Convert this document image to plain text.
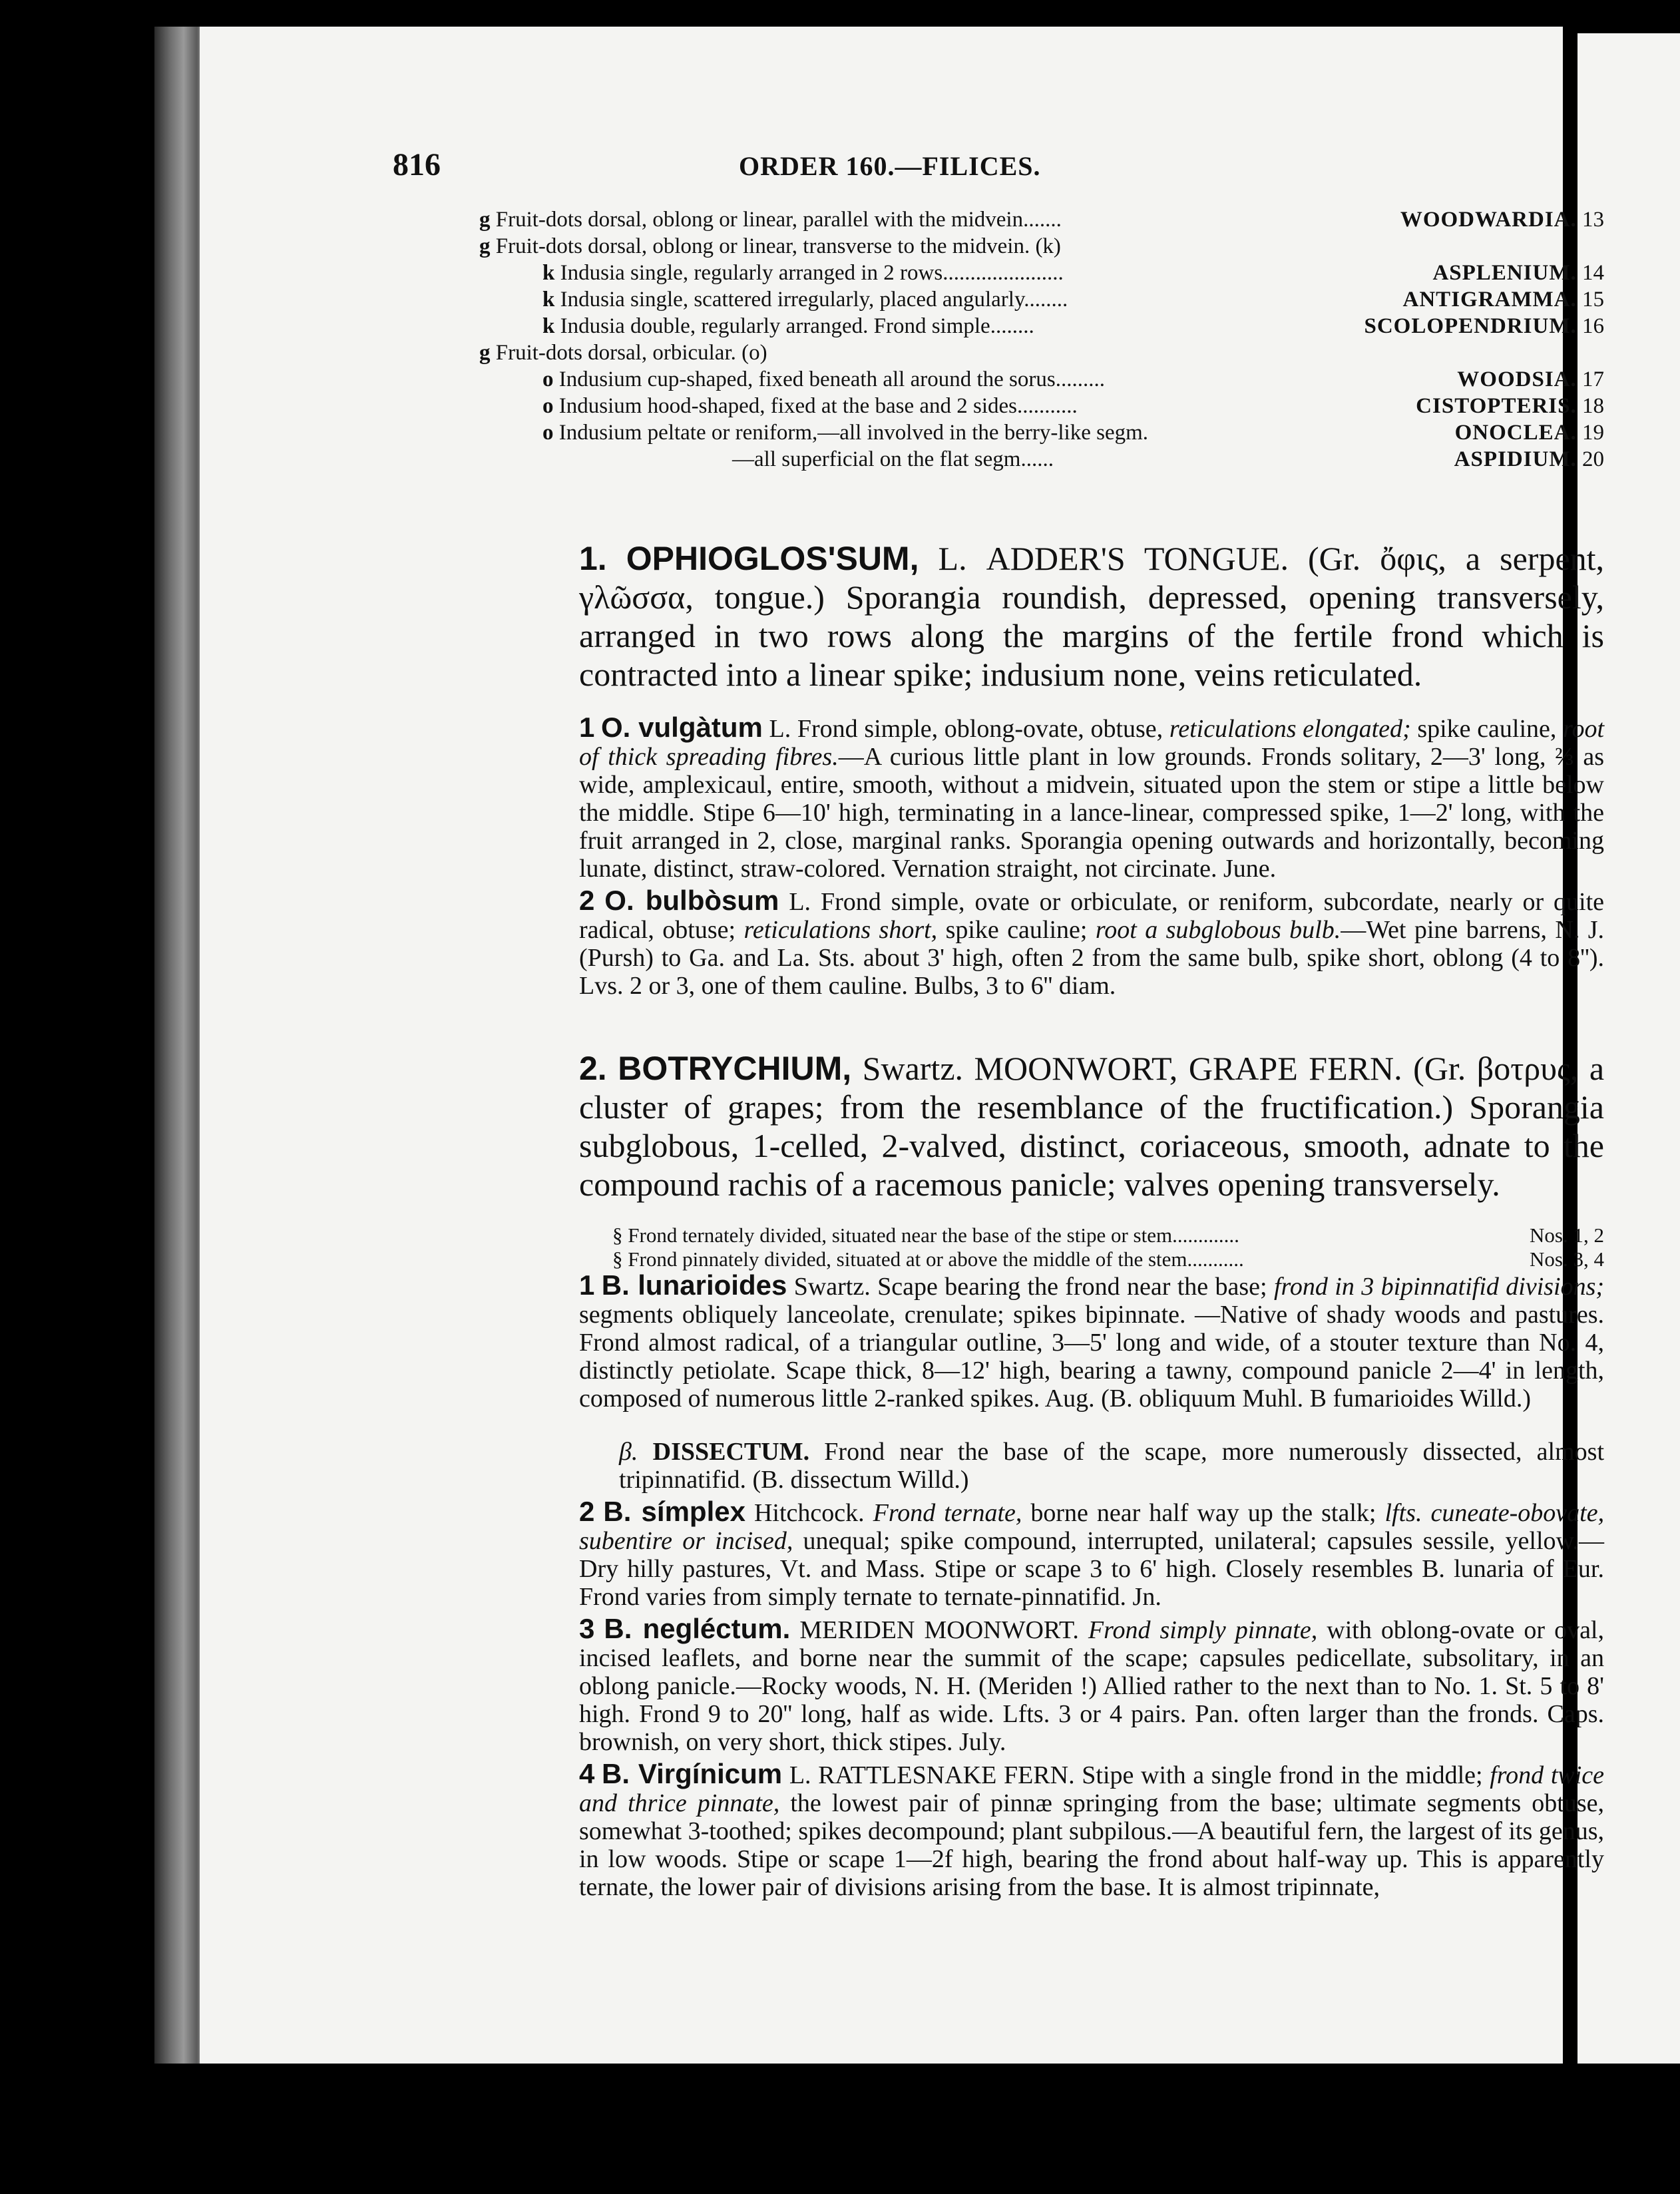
816	ORDER 160.—FILICES.
g Fruit-dots dorsal, oblong or linear, parallel with the midvein.......	WOODWARDIA. 13
g Fruit-dots dorsal, oblong or linear, transverse to the midvein. (k)
k Indusia single, regularly arranged in 2 rows......................	ASPLENIUM. 14
k Indusia single, scattered irregularly, placed angularly........	ANTIGRAMMA. 15
k Indusia double, regularly arranged. Frond simple........	SCOLOPENDRIUM. 16
g Fruit-dots dorsal, orbicular. (o)
o Indusium cup-shaped, fixed beneath all around the sorus.........	WOODSIA. 17
o Indusium hood-shaped, fixed at the base and 2 sides...........	CISTOPTERIS. 18
o Indusium peltate or reniform,—all involved in the berry-like segm.	ONOCLEA. 19
—all superficial on the flat segm......	ASPIDIUM. 20

1. OPHIOGLOS'SUM, L. ADDER'S TONGUE. (Gr. ὄφις, a serpent, γλῶσσα, tongue.) Sporangia roundish, depressed, opening transversely, arranged in two rows along the margins of the fertile frond which is contracted into a linear spike; indusium none, veins reticulated.

1 O. vulgàtum L. Frond simple, oblong-ovate, obtuse, reticulations elongated; spike cauline, root of thick spreading fibres.—A curious little plant in low grounds. Fronds solitary, 2—3' long, ⅔ as wide, amplexicaul, entire, smooth, without a midvein, situated upon the stem or stipe a little below the middle. Stipe 6—10' high, terminating in a lance-linear, compressed spike, 1—2' long, with the fruit arranged in 2, close, marginal ranks. Sporangia opening outwards and horizontally, becoming lunate, distinct, straw-colored. Vernation straight, not circinate. June.

2 O. bulbòsum L. Frond simple, ovate or orbiculate, or reniform, subcordate, nearly or quite radical, obtuse; reticulations short, spike cauline; root a subglobous bulb.—Wet pine barrens, N. J. (Pursh) to Ga. and La. Sts. about 3' high, often 2 from the same bulb, spike short, oblong (4 to 8''). Lvs. 2 or 3, one of them cauline. Bulbs, 3 to 6'' diam.

2. BOTRYCHIUM, Swartz. MOONWORT, GRAPE FERN. (Gr. βοτρυς, a cluster of grapes; from the resemblance of the fructification.) Sporangia subglobous, 1-celled, 2-valved, distinct, coriaceous, smooth, adnate to the compound rachis of a racemous panicle; valves opening transversely.

§ Frond ternately divided, situated near the base of the stipe or stem.............	Nos. 1, 2
§ Frond pinnately divided, situated at or above the middle of the stem...........	Nos. 3, 4

1 B. lunarioides Swartz. Scape bearing the frond near the base; frond in 3 bipinnatifid divisions; segments obliquely lanceolate, crenulate; spikes bipinnate. —Native of shady woods and pastures. Frond almost radical, of a triangular outline, 3—5' long and wide, of a stouter texture than No. 4, distinctly petiolate. Scape thick, 8—12' high, bearing a tawny, compound panicle 2—4' in length, composed of numerous little 2-ranked spikes. Aug. (B. obliquum Muhl. B fumarioides Willd.)

β. DISSECTUM. Frond near the base of the scape, more numerously dissected, almost tripinnatifid. (B. dissectum Willd.)

2 B. símplex Hitchcock. Frond ternate, borne near half way up the stalk; lfts. cuneate-obovate, subentire or incised, unequal; spike compound, interrupted, unilateral; capsules sessile, yellow.—Dry hilly pastures, Vt. and Mass. Stipe or scape 3 to 6' high. Closely resembles B. lunaria of Eur. Frond varies from simply ternate to ternate-pinnatifid. Jn.

3 B. negléctum. MERIDEN MOONWORT. Frond simply pinnate, with oblong-ovate or oval, incised leaflets, and borne near the summit of the scape; capsules pedicellate, subsolitary, in an oblong panicle.—Rocky woods, N. H. (Meriden !) Allied rather to the next than to No. 1. St. 5 to 8' high. Frond 9 to 20'' long, half as wide. Lfts. 3 or 4 pairs. Pan. often larger than the fronds. Caps. brownish, on very short, thick stipes. July.

4 B. Virgínicum L. RATTLESNAKE FERN. Stipe with a single frond in the middle; frond twice and thrice pinnate, the lowest pair of pinnæ springing from the base; ultimate segments obtuse, somewhat 3-toothed; spikes decompound; plant subpilous.—A beautiful fern, the largest of its genus, in low woods. Stipe or scape 1—2f high, bearing the frond about half-way up. This is apparently ternate, the lower pair of divisions arising from the base. It is almost tripinnate,
